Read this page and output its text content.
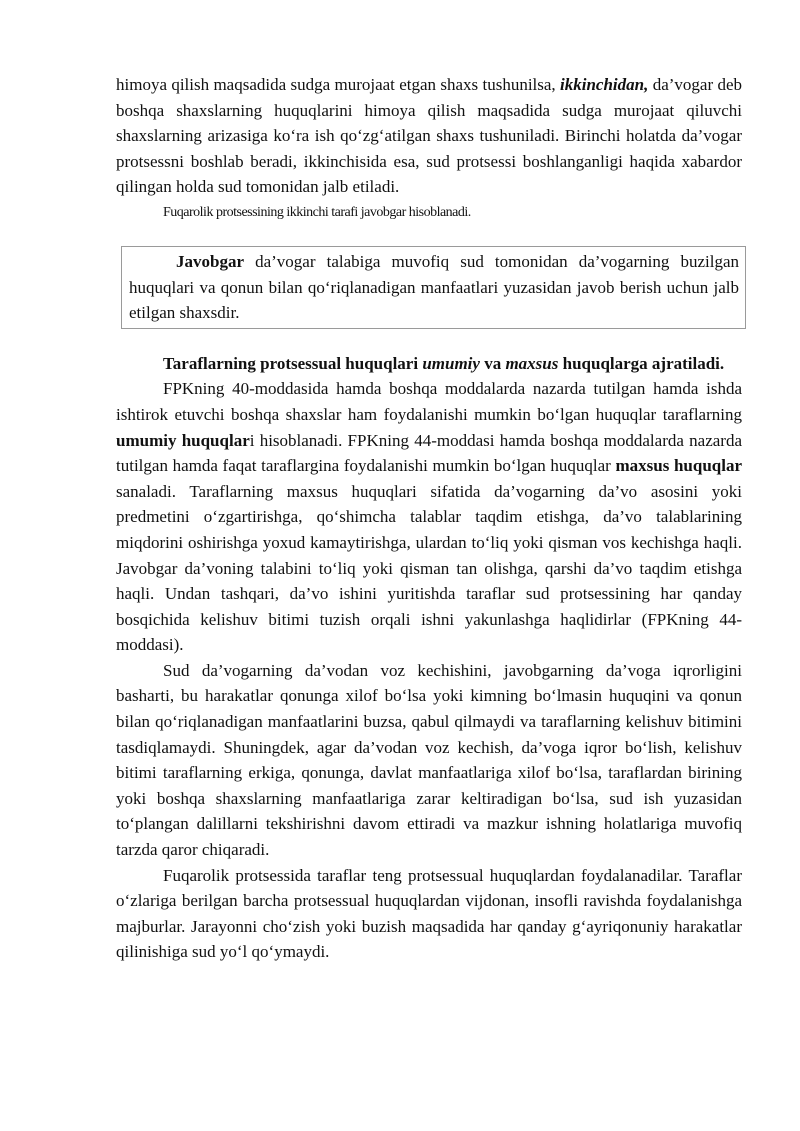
himoya qilish maqsadida sudga murojaat etgan shaxs tushunilsa, ikkinchidan, da’vogar deb boshqa shaxslarning huquqlarini himoya qilish maqsadida sudga murojaat qiluvchi shaxslarning arizasiga ko‘ra ish qo‘zg‘atilgan shaxs tushuniladi. Birinchi holatda da’vogar protsessni boshlab beradi, ikkinchisida esa, sud protsessi boshlanganligi haqida xabardor qilingan holda sud tomonidan jalb etiladi.

Fuqarolik protsessining ikkinchi tarafi javobgar hisoblanadi.

Javobgar da’vogar talabiga muvofiq sud tomonidan da’vogarning buzilgan huquqlari va qonun bilan qo‘riqlanadigan manfaatlari yuzasidan javob berish uchun jalb etilgan shaxsdir.

Taraflarning protsessual huquqlari umumiy va maxsus huquqlarga ajratiladi.

FPKning 40-moddasida hamda boshqa moddalarda nazarda tutilgan hamda ishda ishtirok etuvchi boshqa shaxslar ham foydalanishi mumkin bo‘lgan huquqlar taraflarning umumiy huquqlari hisoblanadi. FPKning 44-moddasi hamda boshqa moddalarda nazarda tutilgan hamda faqat taraflargina foydalanishi mumkin bo‘lgan huquqlar maxsus huquqlar sanaladi. Taraflarning maxsus huquqlari sifatida da’vogarning da’vo asosini yoki predmetini o‘zgartirishga, qo‘shimcha talablar taqdim etishga, da’vo talablarining miqdorini oshirishga yoxud kamaytirishga, ulardan to‘liq yoki qisman vos kechishga haqli. Javobgar da’voning talabini to‘liq yoki qisman tan olishga, qarshi da’vo taqdim etishga haqli. Undan tashqari, da’vo ishini yuritishda taraflar sud protsessining har qanday bosqichida kelishuv bitimi tuzish orqali ishni yakunlashga haqlidirlar (FPKning 44-moddasi).

Sud da’vogarning da’vodan voz kechishini, javobgarning da’voga iqrorligini basharti, bu harakatlar qonunga xilof bo‘lsa yoki kimning bo‘lmasin huquqini va qonun bilan qo‘riqlanadigan manfaatlarini buzsa, qabul qilmaydi va taraflarning kelishuv bitimini tasdiqlamaydi. Shuningdek, agar da’vodan voz kechish, da’voga iqror bo‘lish, kelishuv bitimi taraflarning erkiga, qonunga, davlat manfaatlariga xilof bo‘lsa, taraflardan birining yoki boshqa shaxslarning manfaatlariga zarar keltiradigan bo‘lsa, sud ish yuzasidan to‘plangan dalillarni tekshirishni davom ettiradi va mazkur ishning holatlariga muvofiq tarzda qaror chiqaradi.

Fuqarolik protsessida taraflar teng protsessual huquqlardan foydalanadilar. Taraflar o‘zlariga berilgan barcha protsessual huquqlardan vijdonan, insofli ravishda foydalanishga majburlar. Jarayonni cho‘zish yoki buzish maqsadida har qanday g‘ayriqonuniy harakatlar qilinishiga sud yo‘l qo‘ymaydi.
